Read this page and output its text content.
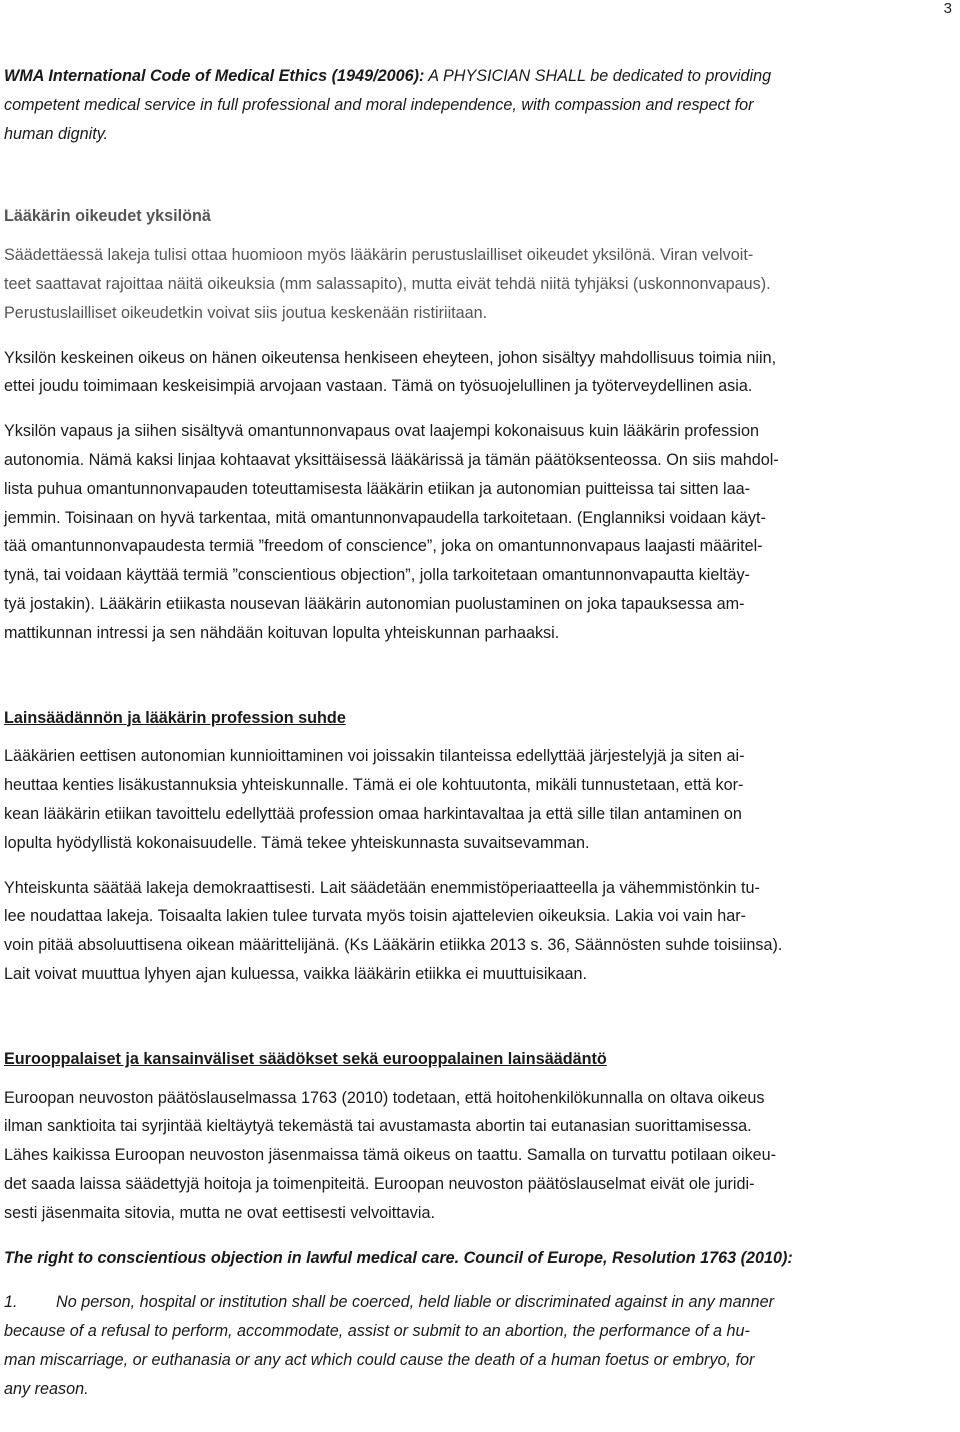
3

WMA International Code of Medical Ethics (1949/2006): A PHYSICIAN SHALL be dedicated to providing
competent medical service in full professional and moral independence, with compassion and respect for
human dignity.

Lääkärin oikeudet yksilönä

Säädettäessä lakeja tulisi ottaa huomioon myös lääkärin perustuslailliset oikeudet yksilönä. Viran velvoit-
teet saattavat rajoittaa näitä oikeuksia (mm salassapito), mutta eivät tehdä niitä tyhjäksi (uskonnonvapaus).
Perustuslailliset oikeudetkin voivat siis joutua keskenään ristiriitaan.

Yksilön keskeinen oikeus on hänen oikeutensa henkiseen eheyteen, johon sisältyy mahdollisuus toimia niin,
ettei joudu toimimaan keskeisimpiä arvojaan vastaan. Tämä on työsuojelullinen ja työterveydellinen asia.

Yksilön vapaus ja siihen sisältyvä omantunnonvapaus ovat laajempi kokonaisuus kuin lääkärin profession
autonomia. Nämä kaksi linjaa kohtaavat yksittäisessä lääkärissä ja tämän päätöksenteossa. On siis mahdol-
lista puhua omantunnonvapauden toteuttamisesta lääkärin etiikan ja autonomian puitteissa tai sitten laa-
jemmin. Toisinaan on hyvä tarkentaa, mitä omantunnonvapaudella tarkoitetaan. (Englanniksi voidaan käyt-
tää omantunnonvapaudesta termiä ”freedom of conscience”, joka on omantunnonvapaus laajasti määritel-
tynä, tai voidaan käyttää termiä ”conscientious objection”, jolla tarkoitetaan omantunnonvapautta kieltäy-
tyä jostakin). Lääkärin etiikasta nousevan lääkärin autonomian puolustaminen on joka tapauksessa am-
mattikunnan intressi ja sen nähdään koituvan lopulta yhteiskunnan parhaaksi.

Lainsäädännön ja lääkärin profession suhde

Lääkärien eettisen autonomian kunnioittaminen voi joissakin tilanteissa edellyttää järjestelyjä ja siten ai-
heuttaa kenties lisäkustannuksia yhteiskunnalle. Tämä ei ole kohtuutonta, mikäli tunnustetaan, että kor-
kean lääkärin etiikan tavoittelu edellyttää profession omaa harkintavaltaa ja että sille tilan antaminen on
lopulta hyödyllistä kokonaisuudelle. Tämä tekee yhteiskunnasta suvaitsevamman.

Yhteiskunta säätää lakeja demokraattisesti. Lait säädetään enemmistöperiaatteella ja vähemmistönkin tu-
lee noudattaa lakeja. Toisaalta lakien tulee turvata myös toisin ajattelevien oikeuksia. Lakia voi vain har-
voin pitää absoluuttisena oikean määrittelijänä. (Ks Lääkärin etiikka 2013 s. 36, Säännösten suhde toisiinsa).
Lait voivat muuttua lyhyen ajan kuluessa, vaikka lääkärin etiikka ei muuttuisikaan.

Eurooppalaiset ja kansainväliset säädökset sekä eurooppalainen lainsäädäntö

Euroopan neuvoston päätöslauselmassa 1763 (2010) todetaan, että hoitohenkilökunnalla on oltava oikeus
ilman sanktioita tai syrjintää kieltäytyä tekemästä tai avustamasta abortin tai eutanasian suorittamisessa.
Lähes kaikissa Euroopan neuvoston jäsenmaissa tämä oikeus on taattu. Samalla on turvattu potilaan oikeu-
det saada laissa säädettyjä hoitoja ja toimenpiteitä. Euroopan neuvoston päätöslauselmat eivät ole juridi-
sesti jäsenmaita sitovia, mutta ne ovat eettisesti velvoittavia.

The right to conscientious objection in lawful medical care. Council of Europe, Resolution 1763 (2010):

1. No person, hospital or institution shall be coerced, held liable or discriminated against in any manner
because of a refusal to perform, accommodate, assist or submit to an abortion, the performance of a hu-
man miscarriage, or euthanasia or any act which could cause the death of a human foetus or embryo, for
any reason.
